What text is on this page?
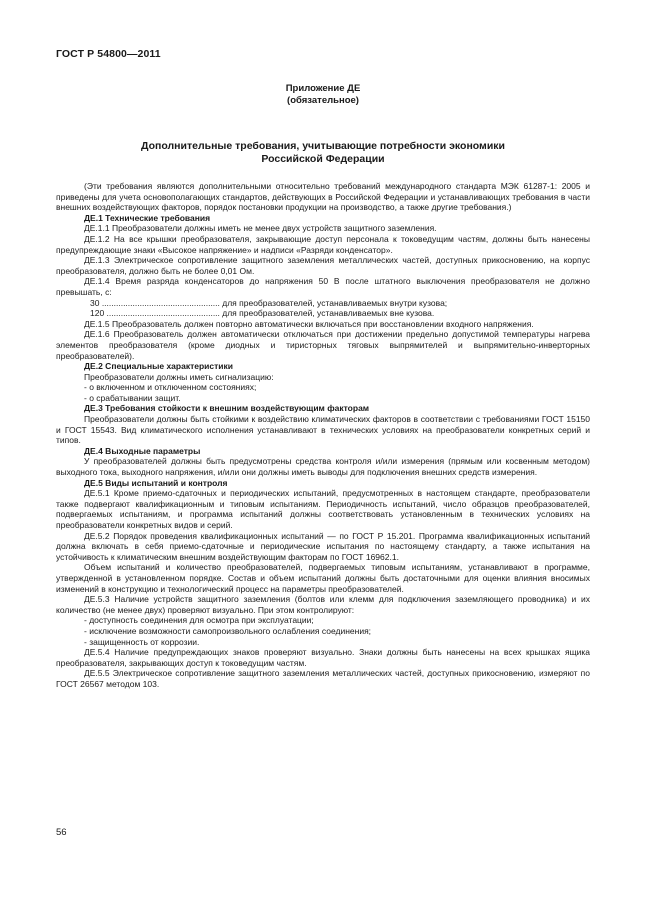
ГОСТ Р 54800—2011
Приложение ДЕ
(обязательное)
Дополнительные требования, учитывающие потребности экономики
Российской Федерации

(Эти требования являются дополнительными относительно требований международного стандарта МЭК 61287-1: 2005 и приведены для учета основополагающих стандартов, действующих в Российской Федерации и устанавливающих требования в части внешних воздействующих факторов, порядок постановки продукции на производство, а также другие требования.)

ДЕ.1 Технические требования

ДЕ.1.1 Преобразователи должны иметь не менее двух устройств защитного заземления.

ДЕ.1.2 На все крышки преобразователя, закрывающие доступ персонала к токоведущим частям, должны быть нанесены предупреждающие знаки «Высокое напряжение» и надписи «Разряди конденсатор».

ДЕ.1.3 Электрическое сопротивление защитного заземления металлических частей, доступных прикосновению, на корпус преобразователя, должно быть не более 0,01 Ом.

ДЕ.1.4 Время разряда конденсаторов до напряжения 50 В после штатного выключения преобразователя не должно превышать, с:

30 .................................................. для преобразователей, устанавливаемых внутри кузова;

120 ................................................ для преобразователей, устанавливаемых вне кузова.

ДЕ.1.5 Преобразователь должен повторно автоматически включаться при восстановлении входного напряжения.

ДЕ.1.6 Преобразователь должен автоматически отключаться при достижении предельно допустимой температуры нагрева элементов преобразователя (кроме диодных и тиристорных тяговых выпрямителей и выпрямительно-инверторных преобразователей).

ДЕ.2 Специальные характеристики

Преобразователи должны иметь сигнализацию:

- о включенном и отключенном состояниях;

- о срабатывании защит.

ДЕ.3 Требования стойкости к внешним воздействующим факторам

Преобразователи должны быть стойкими к воздействию климатических факторов в соответствии с требованиями ГОСТ 15150 и ГОСТ 15543. Вид климатического исполнения устанавливают в технических условиях на преобразователи конкретных серий и типов.

ДЕ.4 Выходные параметры

У преобразователей должны быть предусмотрены средства контроля и/или измерения (прямым или косвенным методом) выходного тока, выходного напряжения, и/или они должны иметь выводы для подключения внешних средств измерения.

ДЕ.5 Виды испытаний и контроля

ДЕ.5.1 Кроме приемо-сдаточных и периодических испытаний, предусмотренных в настоящем стандарте, преобразователи также подвергают квалификационным и типовым испытаниям. Периодичность испытаний, число образцов преобразователей, подвергаемых испытаниям, и программа испытаний должны соответствовать установленным в технических условиях на преобразователи конкретных видов и серий.

ДЕ.5.2 Порядок проведения квалификационных испытаний — по ГОСТ Р 15.201. Программа квалификационных испытаний должна включать в себя приемо-сдаточные и периодические испытания по настоящему стандарту, а также испытания на устойчивость к климатическим внешним воздействующим факторам по ГОСТ 16962.1.

Объем испытаний и количество преобразователей, подвергаемых типовым испытаниям, устанавливают в программе, утвержденной в установленном порядке. Состав и объем испытаний должны быть достаточными для оценки влияния вносимых изменений в конструкцию и технологический процесс на параметры преобразователей.

ДЕ.5.3 Наличие устройств защитного заземления (болтов или клемм для подключения заземляющего проводника) и их количество (не менее двух) проверяют визуально. При этом контролируют:

- доступность соединения для осмотра при эксплуатации;

- исключение возможности самопроизвольного ослабления соединения;

- защищенность от коррозии.

ДЕ.5.4 Наличие предупреждающих знаков проверяют визуально. Знаки должны быть нанесены на всех крышках ящика преобразователя, закрывающих доступ к токоведущим частям.

ДЕ.5.5 Электрическое сопротивление защитного заземления металлических частей, доступных прикосновению, измеряют по ГОСТ 26567 методом 103.

56
